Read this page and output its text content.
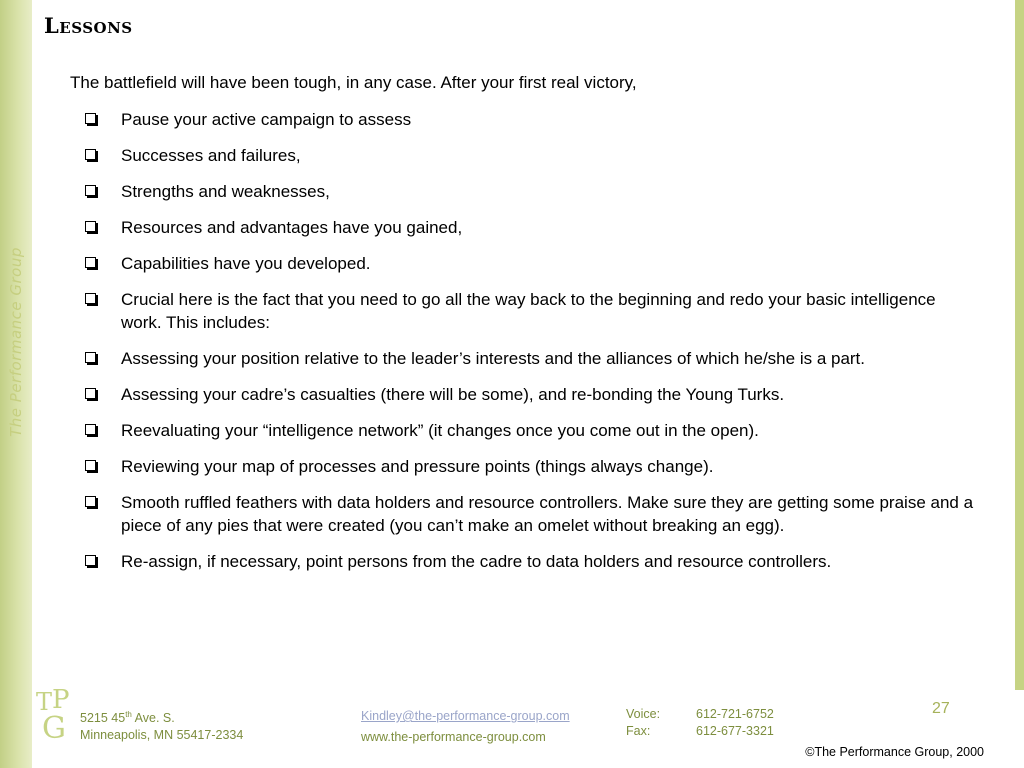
The Performance Group
Lessons

The battlefield will have been tough, in any case. After your first real victory,

Pause your active campaign to assess
Successes and failures,
Strengths and weaknesses,
Resources and advantages have you gained,
Capabilities have you developed.
Crucial here is the fact that you need to go all the way back to the beginning and redo your basic intelligence work. This includes:
Assessing your position relative to the leader’s interests and the alliances of which he/she is a part.
Assessing your cadre’s casualties (there will be some), and re-bonding the Young Turks.
Reevaluating your “intelligence network” (it changes once you come out in the open).
Reviewing your map of processes and pressure points (things always change).
Smooth ruffled feathers with data holders and resource controllers. Make sure they are getting some praise and a piece of any pies that were created (you can’t make an omelet without breaking an egg).
Re-assign, if necessary, point persons from the cadre to data holders and resource controllers.
T P
G 5215 45th Ave. S.
Minneapolis, MN 55417-2334
Kindley@the-performance-group.com
www.the-performance-group.com
Voice:	612-721-6752
Fax:	612-677-3321
27
©The Performance Group, 2000
